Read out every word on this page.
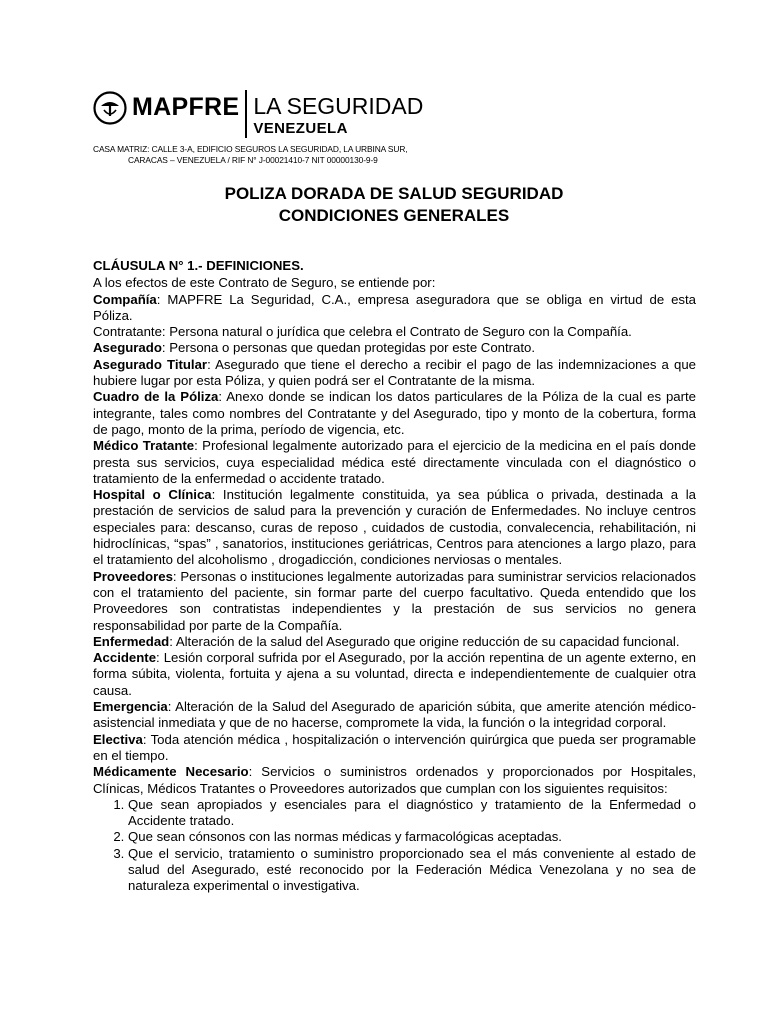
MAPFRE LA SEGURIDAD
VENEZUELA
CASA MATRIZ: CALLE 3-A, EDIFICIO SEGUROS LA SEGURIDAD, LA URBINA SUR,
CARACAS – VENEZUELA / RIF N° J-00021410-7 NIT 00000130-9-9
POLIZA DORADA DE SALUD SEGURIDAD
CONDICIONES GENERALES
CLÁUSULA N° 1.- DEFINICIONES.

A los efectos de este Contrato de Seguro, se entiende por:

Compañía: MAPFRE La Seguridad, C.A., empresa aseguradora que se obliga en virtud de esta Póliza.

Contratante: Persona natural o jurídica que celebra el Contrato de Seguro con la Compañía.

Asegurado: Persona o personas que quedan protegidas por este Contrato.

Asegurado Titular: Asegurado que tiene el derecho a recibir el pago de las indemnizaciones a que hubiere lugar por esta Póliza, y quien podrá ser el Contratante de la misma.

Cuadro de la Póliza: Anexo donde se indican los datos particulares de la Póliza de la cual es parte integrante, tales como nombres del Contratante y del Asegurado, tipo y monto de la cobertura, forma de pago, monto de la prima, período de vigencia, etc.

Médico Tratante: Profesional legalmente autorizado para el ejercicio de la medicina en el país donde presta sus servicios, cuya especialidad médica esté directamente vinculada con el diagnóstico o tratamiento de la enfermedad o accidente tratado.

Hospital o Clínica: Institución legalmente constituida, ya sea pública o privada, destinada a la prestación de servicios de salud para la prevención y curación de Enfermedades. No incluye centros especiales para: descanso, curas de reposo , cuidados de custodia, convalecencia, rehabilitación, ni hidroclínicas, “spas” , sanatorios, instituciones geriátricas, Centros para atenciones a largo plazo, para el tratamiento del alcoholismo , drogadicción, condiciones nerviosas o mentales.

Proveedores: Personas o instituciones legalmente autorizadas para suministrar servicios relacionados con el tratamiento del paciente, sin formar parte del cuerpo facultativo. Queda entendido que los Proveedores son contratistas independientes y la prestación de sus servicios no genera responsabilidad por parte de la Compañía.

Enfermedad: Alteración de la salud del Asegurado que origine reducción de su capacidad funcional.

Accidente: Lesión corporal sufrida por el Asegurado, por la acción repentina de un agente externo, en forma súbita, violenta, fortuita y ajena a su voluntad, directa e independientemente de cualquier otra causa.

Emergencia: Alteración de la Salud del Asegurado de aparición súbita, que amerite atención médico-asistencial inmediata y que de no hacerse, compromete la vida, la función o la integridad corporal.

Electiva: Toda atención médica , hospitalización o intervención quirúrgica que pueda ser programable en el tiempo.

Médicamente Necesario: Servicios o suministros ordenados y proporcionados por Hospitales, Clínicas, Médicos Tratantes o Proveedores autorizados que cumplan con los siguientes requisitos:

1. Que sean apropiados y esenciales para el diagnóstico y tratamiento de la Enfermedad o Accidente tratado.
2. Que sean cónsonos con las normas médicas y farmacológicas aceptadas.
3. Que el servicio, tratamiento o suministro proporcionado sea el más conveniente al estado de salud del Asegurado, esté reconocido por la Federación Médica Venezolana y no sea de naturaleza experimental o investigativa.
